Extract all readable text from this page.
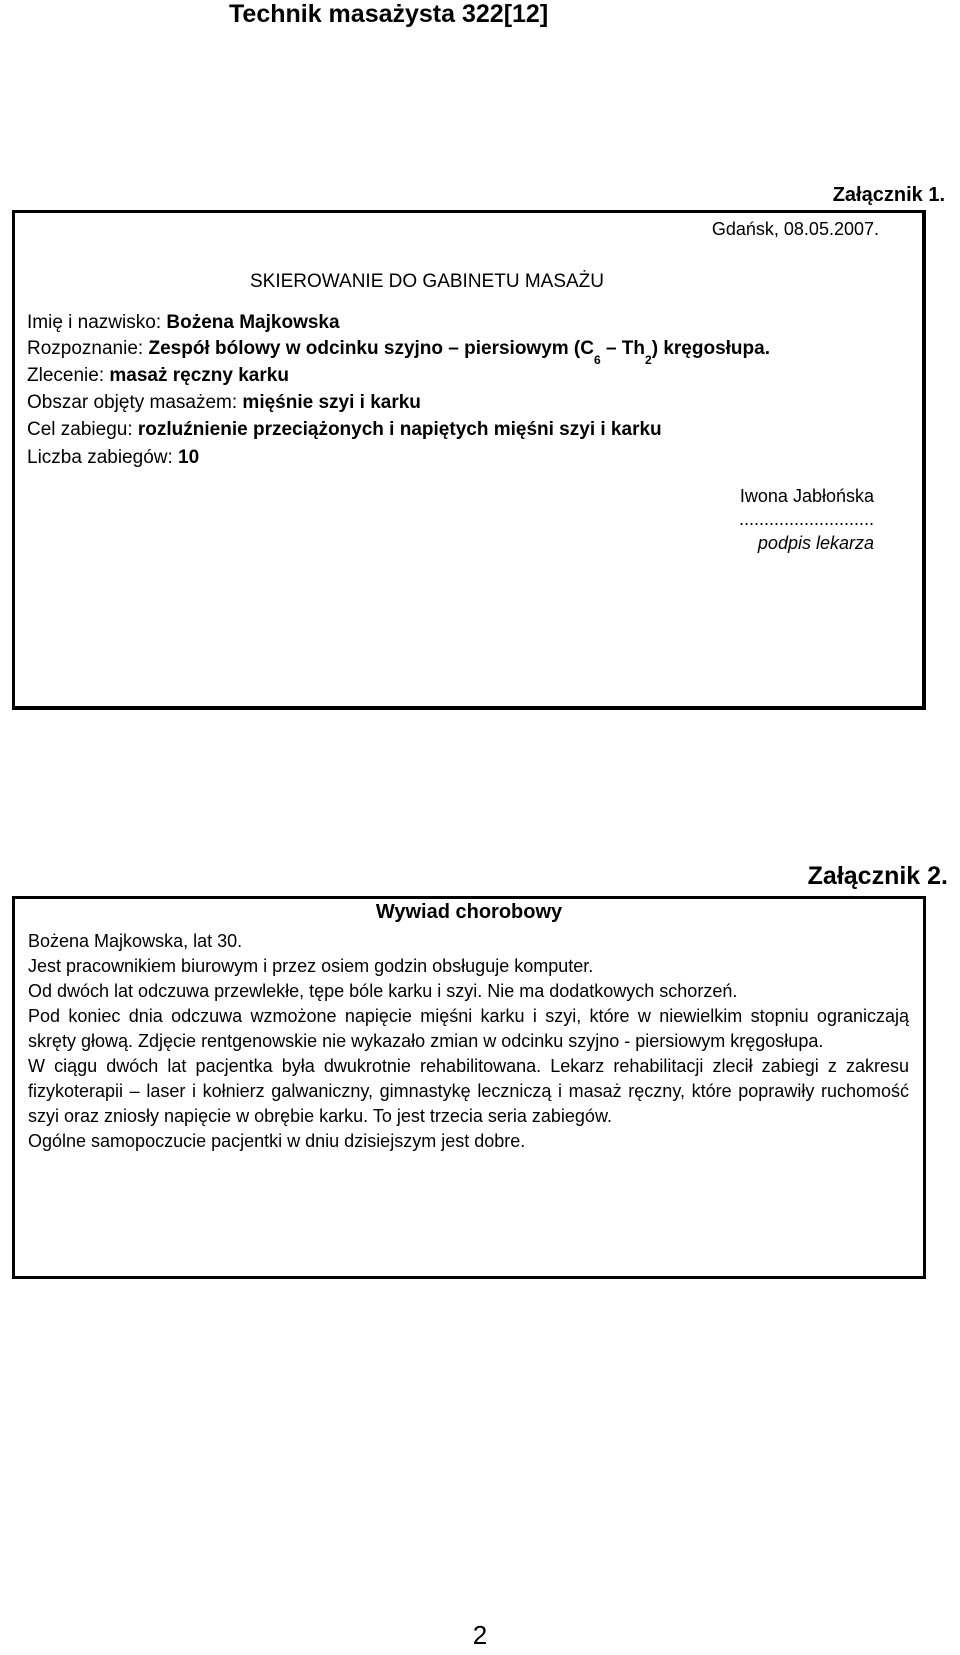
Technik masażysta 322[12]
Załącznik 1.
Gdańsk, 08.05.2007.
SKIEROWANIE DO GABINETU MASAŻU
Imię i nazwisko: Bożena Majkowska
Rozpoznanie: Zespół bólowy w odcinku szyjno – piersiowym $(C_6 - Th_2)$ kręgosłupa.
Zlecenie: masaż ręczny karku
Obszar objęty masażem: mięśnie szyi i karku
Cel zabiegu: rozluźnienie przeciążonych i napiętych mięśni szyi i karku
Liczba zabiegów: 10
Iwona Jabłońska
...........................
podpis lekarza
Załącznik 2.
Wywiad chorobowy

Bożena Majkowska, lat 30.

Jest pracownikiem biurowym i przez osiem godzin obsługuje komputer.

Od dwóch lat odczuwa przewlekłe, tępe bóle karku i szyi. Nie ma dodatkowych schorzeń.

Pod koniec dnia odczuwa wzmożone napięcie mięśni karku i szyi, które w niewielkim stopniu ograniczają skręty głową. Zdjęcie rentgenowskie nie wykazało zmian w odcinku szyjno - piersiowym kręgosłupa.

W ciągu dwóch lat pacjentka była dwukrotnie rehabilitowana. Lekarz rehabilitacji zlecił zabiegi z zakresu fizykoterapii – laser i kołnierz galwaniczny, gimnastykę leczniczą i masaż ręczny, które poprawiły ruchomość szyi oraz zniosły napięcie w obrębie karku. To jest trzecia seria zabiegów.

Ogólne samopoczucie pacjentki w dniu dzisiejszym jest dobre.

2
